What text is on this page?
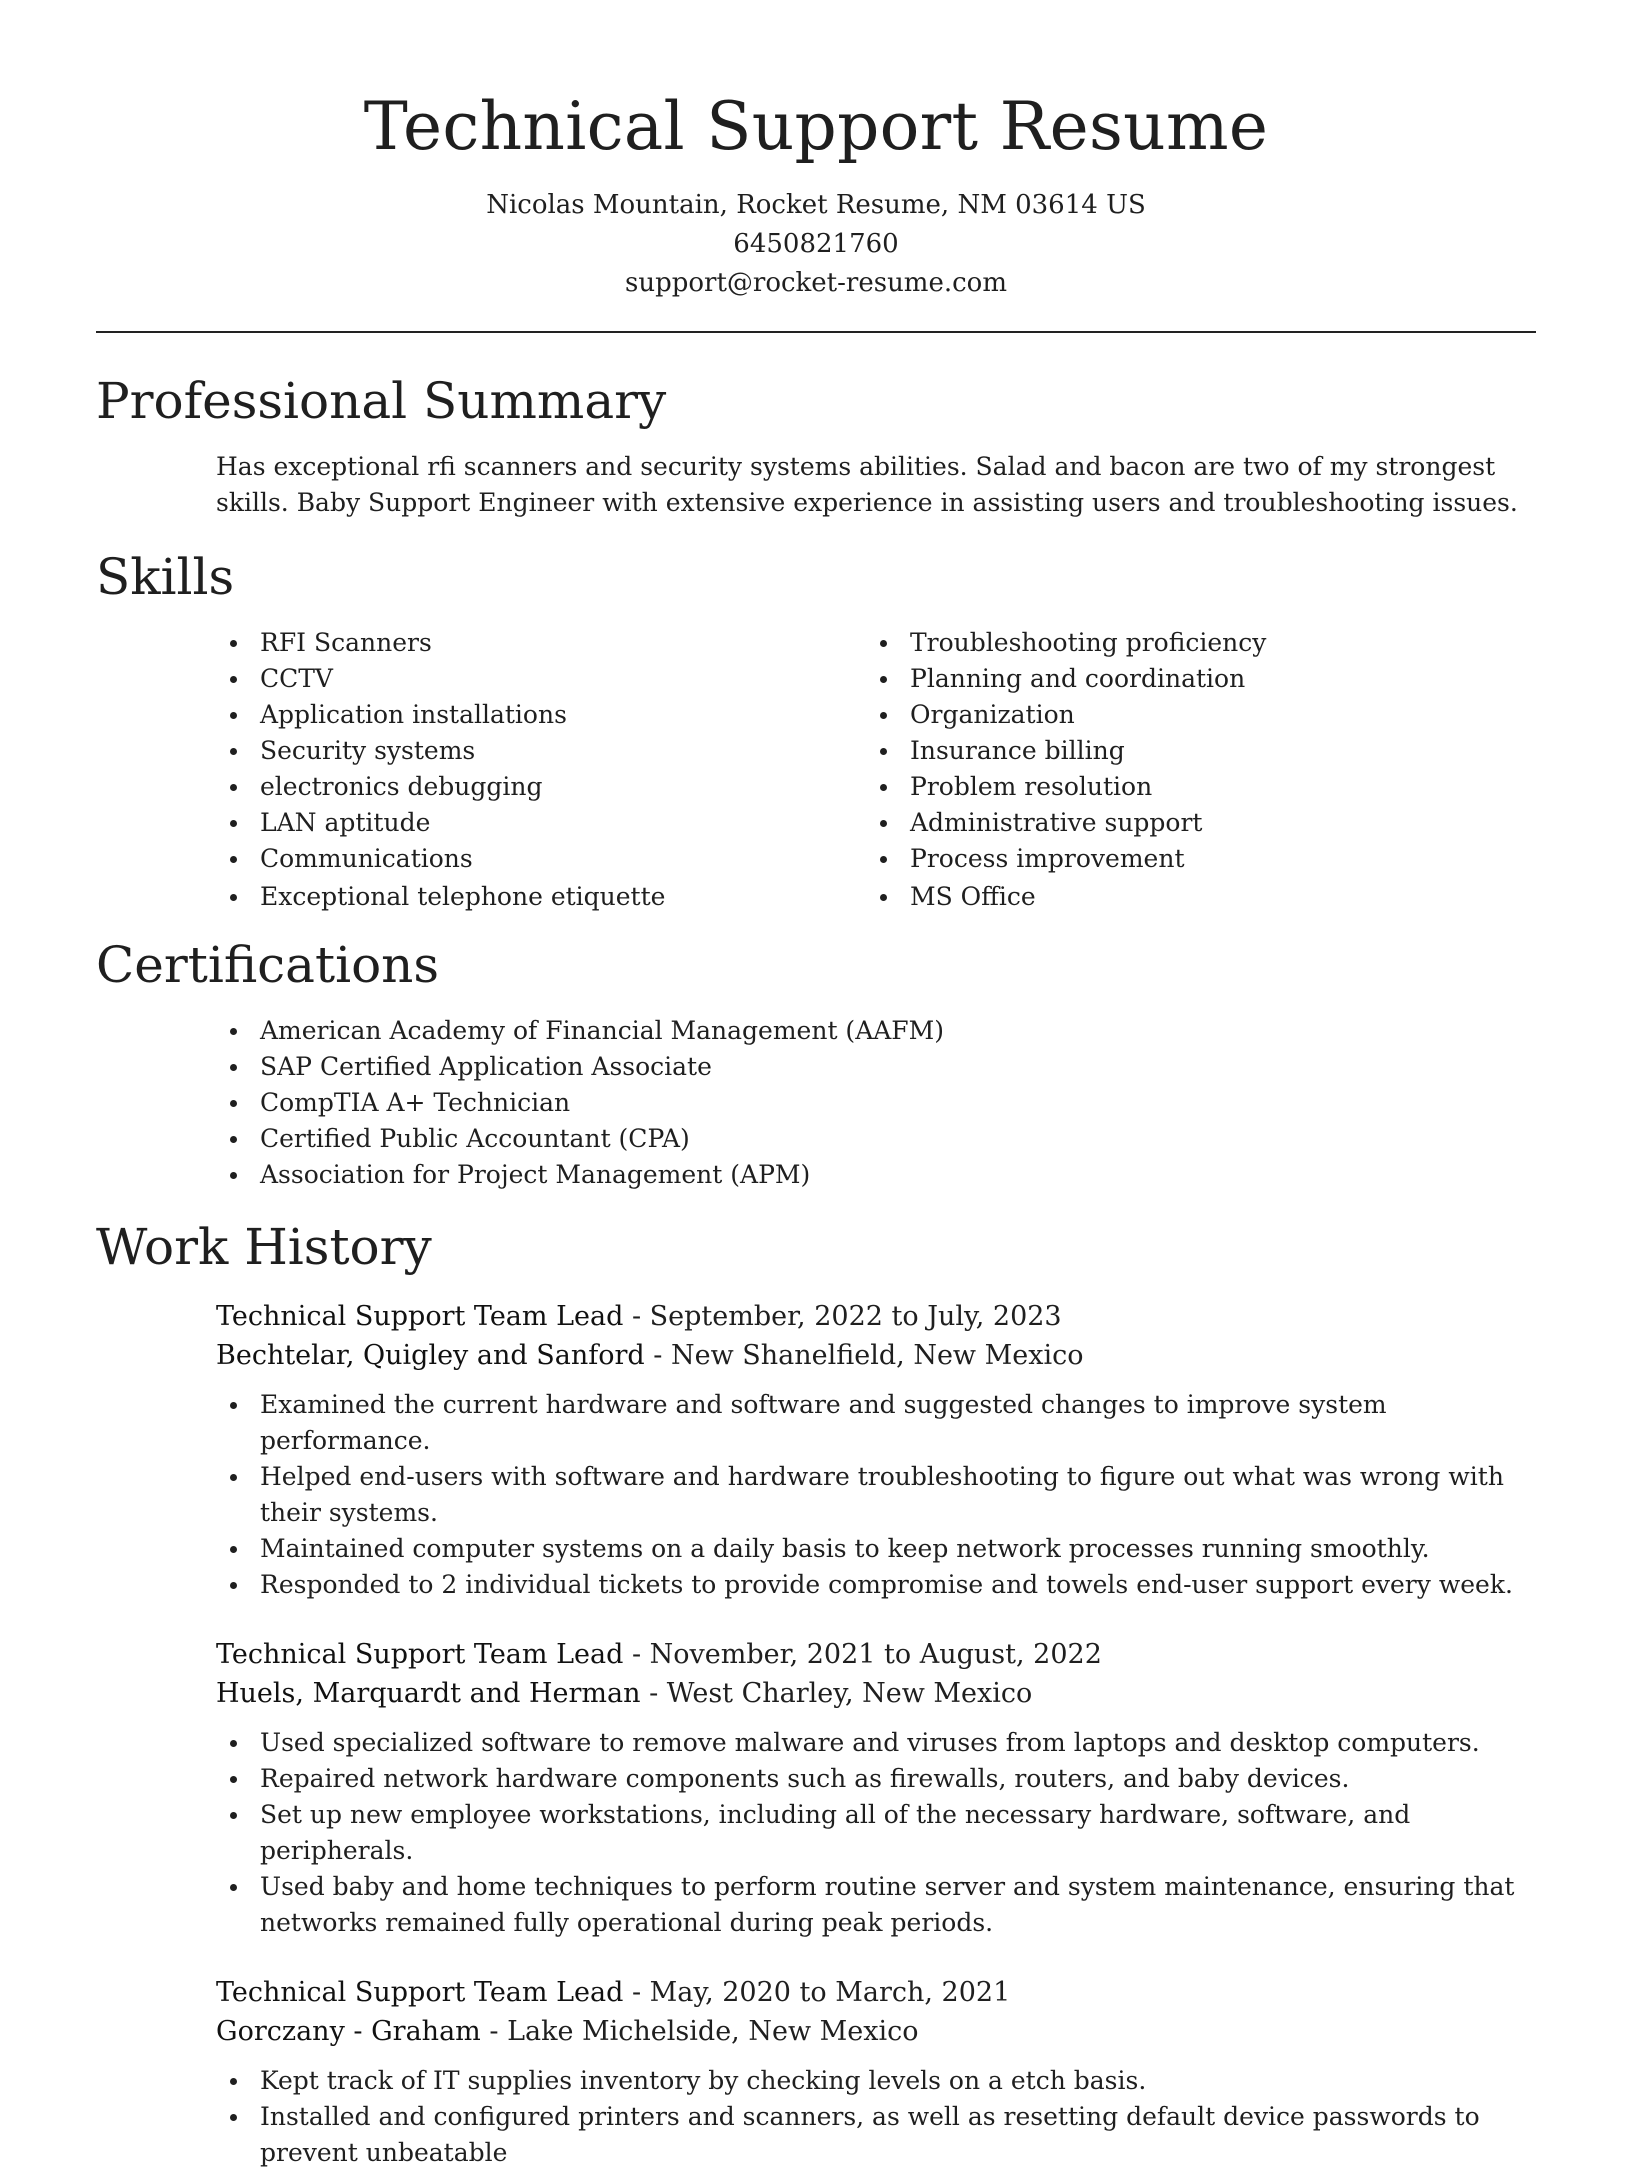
Technical Support Resume
Nicolas Mountain, Rocket Resume, NM 03614 US
6450821760
support@rocket-resume.com
Professional Summary

Has exceptional rfi scanners and security systems abilities. Salad and bacon are two of my strongest skills. Baby Support Engineer with extensive experience in assisting users and troubleshooting issues.

Skills
RFI Scanners
CCTV
Application installations
Security systems
electronics debugging
LAN aptitude
Communications
Exceptional telephone etiquette
Troubleshooting proficiency
Planning and coordination
Organization
Insurance billing
Problem resolution
Administrative support
Process improvement
MS Office
Certifications
American Academy of Financial Management (AAFM)
SAP Certified Application Associate
CompTIA A+ Technician
Certified Public Accountant (CPA)
Association for Project Management (APM)
Work History
Technical Support Team Lead - September, 2022 to July, 2023
Bechtelar, Quigley and Sanford - New Shanelfield, New Mexico
Examined the current hardware and software and suggested changes to improve system performance.
Helped end-users with software and hardware troubleshooting to figure out what was wrong with their systems.
Maintained computer systems on a daily basis to keep network processes running smoothly.
Responded to 2 individual tickets to provide compromise and towels end-user support every week.
Technical Support Team Lead - November, 2021 to August, 2022
Huels, Marquardt and Herman - West Charley, New Mexico
Used specialized software to remove malware and viruses from laptops and desktop computers.
Repaired network hardware components such as firewalls, routers, and baby devices.
Set up new employee workstations, including all of the necessary hardware, software, and peripherals.
Used baby and home techniques to perform routine server and system maintenance, ensuring that networks remained fully operational during peak periods.
Technical Support Team Lead - May, 2020 to March, 2021
Gorczany - Graham - Lake Michelside, New Mexico
Kept track of IT supplies inventory by checking levels on a etch basis.
Installed and configured printers and scanners, as well as resetting default device passwords to prevent unbeatable
